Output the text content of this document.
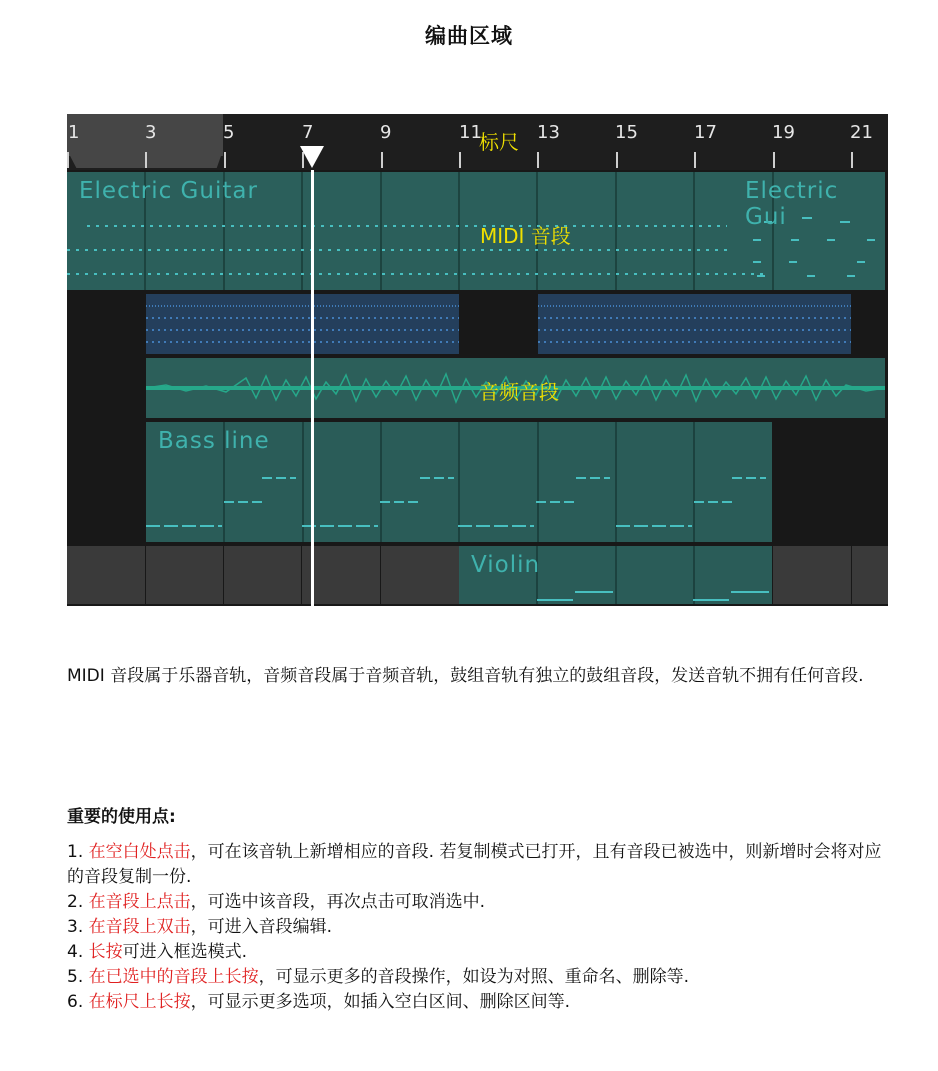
编曲区域
1	3	5	7	9	11	13	15	17	19	21
标尺
Electric Guitar	Electric Gui
MIDI 音段
音频音段
Bass line
Violin
MIDI 音段属于乐器音轨，音频音段属于音频音轨，鼓组音轨有独立的鼓组音段，发送音轨不拥有任何音段.
重要的使用点:
1. 在空白处点击，可在该音轨上新增相应的音段. 若复制模式已打开，且有音段已被选中，则新增时会将对应的音段复制一份.
2. 在音段上点击，可选中该音段，再次点击可取消选中.
3. 在音段上双击，可进入音段编辑.
4. 长按可进入框选模式.
5. 在已选中的音段上长按，可显示更多的音段操作，如设为对照、重命名、删除等.
6. 在标尺上长按，可显示更多选项，如插入空白区间、删除区间等.
